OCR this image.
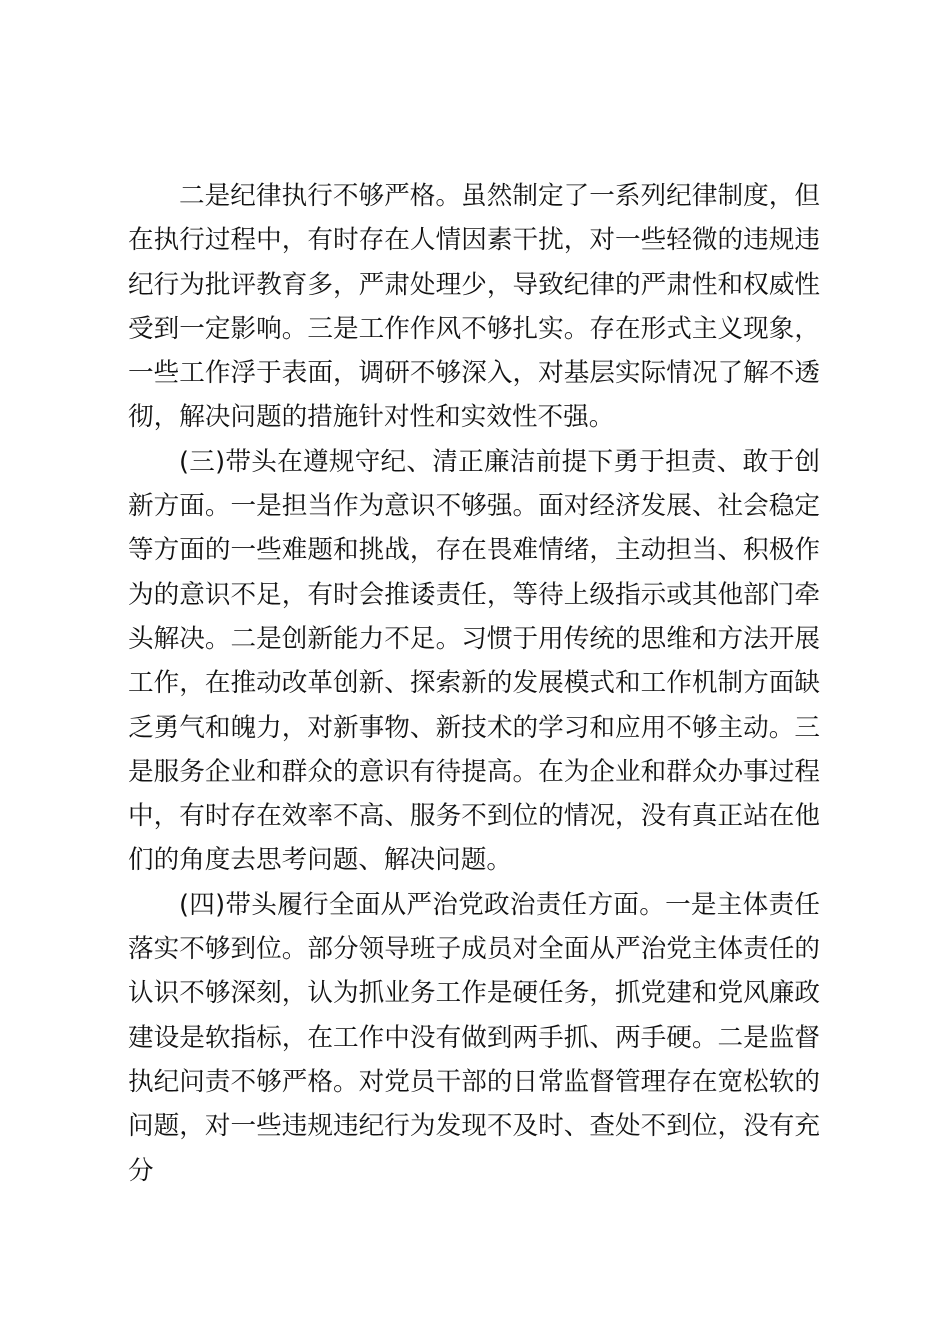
二是纪律执行不够严格。虽然制定了一系列纪律制度，但在执行过程中，有时存在人情因素干扰，对一些轻微的违规违纪行为批评教育多，严肃处理少，导致纪律的严肃性和权威性受到一定影响。三是工作作风不够扎实。存在形式主义现象，一些工作浮于表面，调研不够深入，对基层实际情况了解不透彻，解决问题的措施针对性和实效性不强。

(三)带头在遵规守纪、清正廉洁前提下勇于担责、敢于创新方面。一是担当作为意识不够强。面对经济发展、社会稳定等方面的一些难题和挑战，存在畏难情绪，主动担当、积极作为的意识不足，有时会推诿责任，等待上级指示或其他部门牵头解决。二是创新能力不足。习惯于用传统的思维和方法开展工作，在推动改革创新、探索新的发展模式和工作机制方面缺乏勇气和魄力，对新事物、新技术的学习和应用不够主动。三是服务企业和群众的意识有待提高。在为企业和群众办事过程中，有时存在效率不高、服务不到位的情况，没有真正站在他们的角度去思考问题、解决问题。

(四)带头履行全面从严治党政治责任方面。一是主体责任落实不够到位。部分领导班子成员对全面从严治党主体责任的认识不够深刻，认为抓业务工作是硬任务，抓党建和党风廉政建设是软指标，在工作中没有做到两手抓、两手硬。二是监督执纪问责不够严格。对党员干部的日常监督管理存在宽松软的问题，对一些违规违纪行为发现不及时、查处不到位，没有充分
